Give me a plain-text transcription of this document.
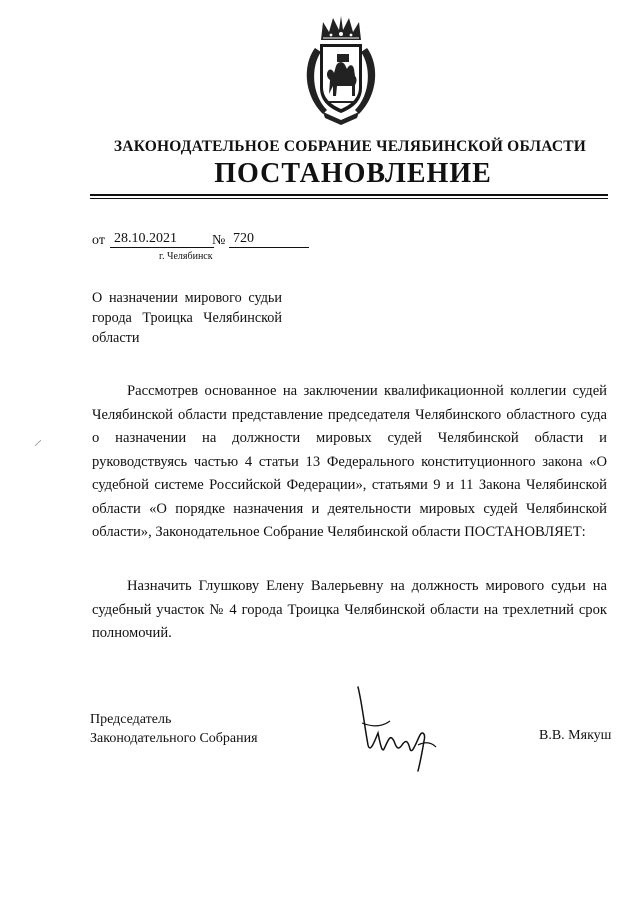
ЗАКОНОДАТЕЛЬНОЕ СОБРАНИЕ ЧЕЛЯБИНСКОЙ ОБЛАСТИ
ПОСТАНОВЛЕНИЕ
от 28.10.2021	№ 720
г. Челябинск
О назначении мирового судьи города Троицка Челябинской области

Рассмотрев основанное на заключении квалификационной коллегии судей Челябинской области представление председателя Челябинского областного суда о назначении на должности мировых судей Челябинской области и руководствуясь частью 4 статьи 13 Федерального конституционного закона «О судебной системе Российской Федерации», статьями 9 и 11 Закона Челябинской области «О порядке назначения и деятельности мировых судей Челябинской области», Законодательное Собрание Челябинской области ПОСТАНОВЛЯЕТ:

Назначить Глушкову Елену Валерьевну на должность мирового судьи на судебный участок № 4 города Троицка Челябинской области на трехлетний срок полномочий.

Председатель
Законодательного Собрания	В.В. Мякуш
